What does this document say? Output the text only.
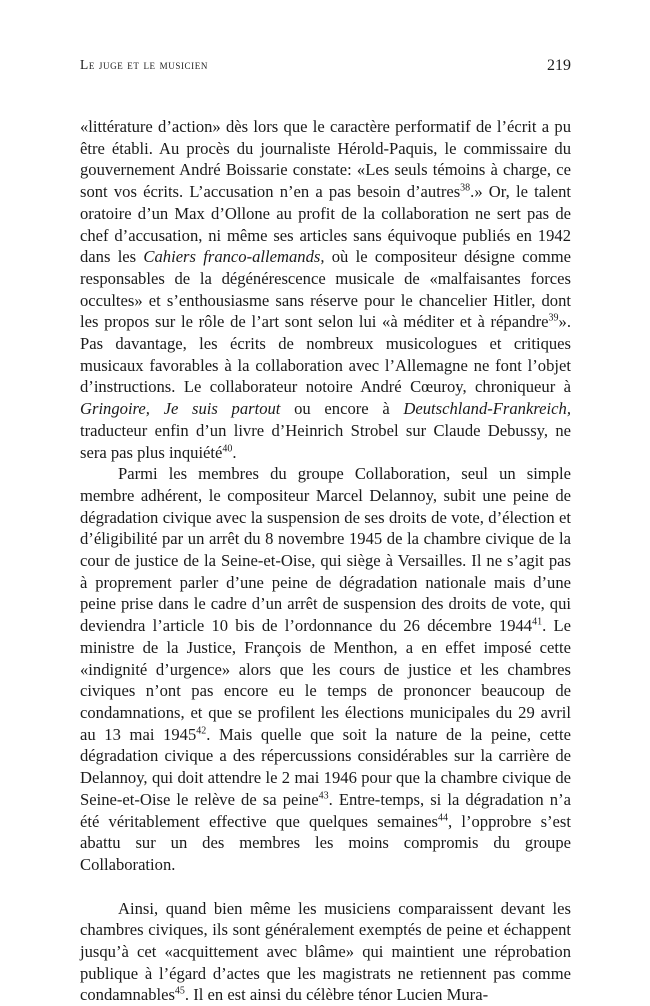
Le juge et le musicien	219

«littérature d’action» dès lors que le caractère performatif de l’écrit a pu être établi. Au procès du journaliste Hérold-Paquis, le commissaire du gouvernement André Boissarie constate: «Les seuls témoins à charge, ce sont vos écrits. L’accusation n’en a pas besoin d’autres$^{38}$.» Or, le talent oratoire d’un Max d’Ollone au profit de la collaboration ne sert pas de chef d’accusation, ni même ses articles sans équivoque publiés en 1942 dans les Cahiers franco-allemands, où le compositeur désigne comme responsables de la dégénérescence musicale de «malfaisantes forces occultes» et s’enthousiasme sans réserve pour le chancelier Hitler, dont les propos sur le rôle de l’art sont selon lui «à méditer et à répandre$^{39}$». Pas davantage, les écrits de nombreux musicologues et critiques musicaux favorables à la collaboration avec l’Allemagne ne font l’objet d’instructions. Le collaborateur notoire André Cœuroy, chroniqueur à Gringoire, Je suis partout ou encore à Deutschland-Frankreich, traducteur enfin d’un livre d’Heinrich Strobel sur Claude Debussy, ne sera pas plus inquiété$^{40}$.

Parmi les membres du groupe Collaboration, seul un simple membre adhérent, le compositeur Marcel Delannoy, subit une peine de dégradation civique avec la suspension de ses droits de vote, d’élection et d’éligibilité par un arrêt du 8 novembre 1945 de la chambre civique de la cour de justice de la Seine-et-Oise, qui siège à Versailles. Il ne s’agit pas à proprement parler d’une peine de dégradation nationale mais d’une peine prise dans le cadre d’un arrêt de suspension des droits de vote, qui deviendra l’article 10 bis de l’ordonnance du 26 décembre 1944$^{41}$. Le ministre de la Justice, François de Menthon, a en effet imposé cette «indignité d’urgence» alors que les cours de justice et les chambres civiques n’ont pas encore eu le temps de prononcer beaucoup de condamnations, et que se profilent les élections municipales du 29 avril au 13 mai 1945$^{42}$. Mais quelle que soit la nature de la peine, cette dégradation civique a des répercussions considérables sur la carrière de Delannoy, qui doit attendre le 2 mai 1946 pour que la chambre civique de Seine-et-Oise le relève de sa peine$^{43}$. Entre-temps, si la dégradation n’a été véritablement effective que quelques semaines$^{44}$, l’opprobre s’est abattu sur un des membres les moins compromis du groupe Collaboration.

Ainsi, quand bien même les musiciens comparaissent devant les chambres civiques, ils sont généralement exemptés de peine et échappent jusqu’à cet «acquittement avec blâme» qui maintient une réprobation publique à l’égard d’actes que les magistrats ne retiennent pas comme condamnables$^{45}$. Il en est ainsi du célèbre ténor Lucien Mura-
